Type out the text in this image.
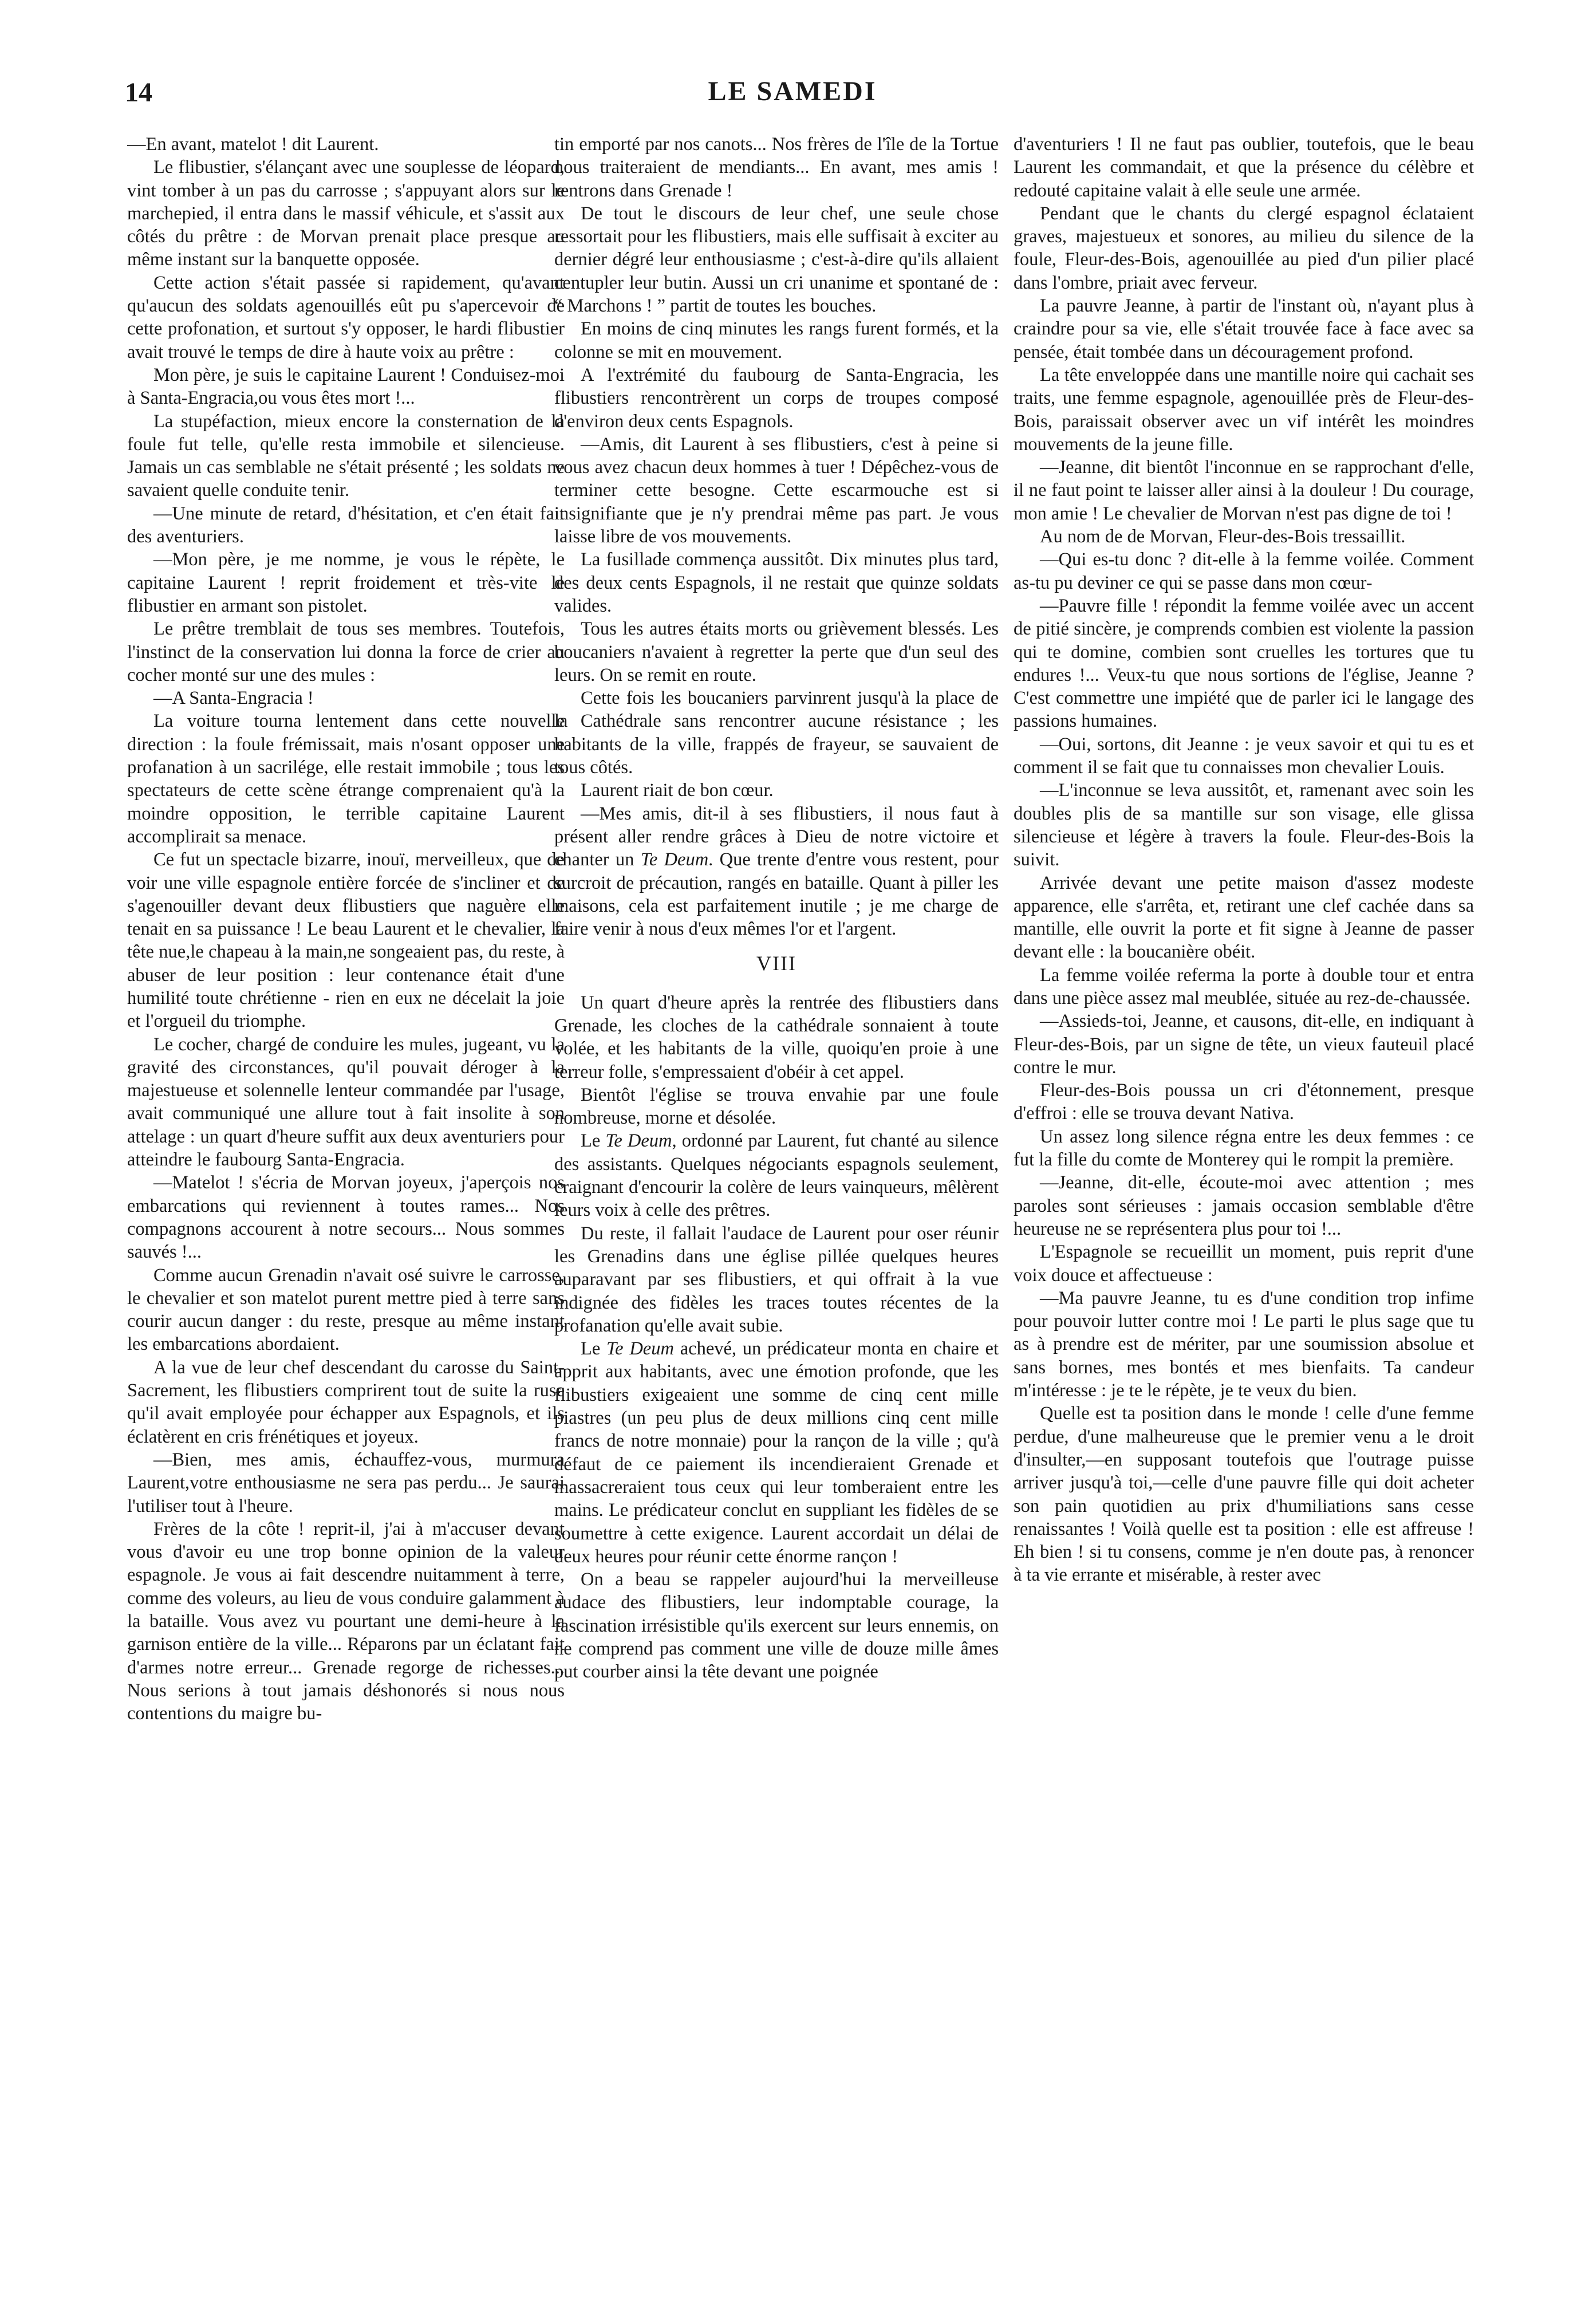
14	LE SAMEDI

—En avant, matelot ! dit Laurent.

Le flibustier, s'élançant avec une souplesse de léopard, vint tomber à un pas du carrosse ; s'appuyant alors sur le marchepied, il entra dans le massif véhicule, et s'assit aux côtés du prêtre : de Morvan prenait place presque au même instant sur la banquette opposée.

Cette action s'était passée si rapidement, qu'avant qu'aucun des soldats agenouillés eût pu s'apercevoir de cette profonation, et surtout s'y opposer, le hardi flibustier avait trouvé le temps de dire à haute voix au prêtre :

Mon père, je suis le capitaine Laurent ! Conduisez-moi à Santa-Engracia,ou vous êtes mort !...

La stupéfaction, mieux encore la consternation de la foule fut telle, qu'elle resta immobile et silencieuse. Jamais un cas semblable ne s'était présenté ; les soldats ne savaient quelle conduite tenir.

—Une minute de retard, d'hésitation, et c'en était fait des aventuriers.

—Mon père, je me nomme, je vous le répète, le capitaine Laurent ! reprit froidement et très-vite le flibustier en armant son pistolet.

Le prêtre tremblait de tous ses membres. Toutefois, l'instinct de la conservation lui donna la force de crier au cocher monté sur une des mules :

—A Santa-Engracia !

La voiture tourna lentement dans cette nouvelle direction : la foule frémissait, mais n'osant opposer une profanation à un sacrilége, elle restait immobile ; tous les spectateurs de cette scène étrange comprenaient qu'à la moindre opposition, le terrible capitaine Laurent accomplirait sa menace.

Ce fut un spectacle bizarre, inouï, merveilleux, que de voir une ville espagnole entière forcée de s'incliner et de s'agenouiller devant deux flibustiers que naguère elle tenait en sa puissance ! Le beau Laurent et le chevalier, la tête nue,le chapeau à la main,ne songeaient pas, du reste, à abuser de leur position : leur contenance était d'une humilité toute chrétienne - rien en eux ne décelait la joie et l'orgueil du triomphe.

Le cocher, chargé de conduire les mules, jugeant, vu la gravité des circonstances, qu'il pouvait déroger à la majestueuse et solennelle lenteur commandée par l'usage, avait communiqué une allure tout à fait insolite à son attelage : un quart d'heure suffit aux deux aventuriers pour atteindre le faubourg Santa-Engracia.

—Matelot ! s'écria de Morvan joyeux, j'aperçois nos embarcations qui reviennent à toutes rames... Nos compagnons accourent à notre secours... Nous sommes sauvés !...

Comme aucun Grenadin n'avait osé suivre le carrosse, le chevalier et son matelot purent mettre pied à terre sans courir aucun danger : du reste, presque au même instant les embarcations abordaient.

A la vue de leur chef descendant du carosse du Saint-Sacrement, les flibustiers comprirent tout de suite la ruse qu'il avait employée pour échapper aux Espagnols, et ils éclatèrent en cris frénétiques et joyeux.

—Bien, mes amis, échauffez-vous, murmura Laurent,votre enthousiasme ne sera pas perdu... Je saurai l'utiliser tout à l'heure.

Frères de la côte ! reprit-il, j'ai à m'accuser devant vous d'avoir eu une trop bonne opinion de la valeur espagnole. Je vous ai fait descendre nuitamment à terre, comme des voleurs, au lieu de vous conduire galamment à la bataille. Vous avez vu pourtant une demi-heure à la garnison entière de la ville... Réparons par un éclatant fait d'armes notre erreur... Grenade regorge de richesses... Nous serions à tout jamais déshonorés si nous nous contentions du maigre bu-

tin emporté par nos canots... Nos frères de l'île de la Tortue nous traiteraient de mendiants... En avant, mes amis ! rentrons dans Grenade !

De tout le discours de leur chef, une seule chose ressortait pour les flibustiers, mais elle suffisait à exciter au dernier dégré leur enthousiasme ; c'est-à-dire qu'ils allaient centupler leur butin. Aussi un cri unanime et spontané de : “ Marchons ! ” partit de toutes les bouches.

En moins de cinq minutes les rangs furent formés, et la colonne se mit en mouvement.

A l'extrémité du faubourg de Santa-Engracia, les flibustiers rencontrèrent un corps de troupes composé d'environ deux cents Espagnols.

—Amis, dit Laurent à ses flibustiers, c'est à peine si vous avez chacun deux hommes à tuer ! Dépêchez-vous de terminer cette besogne. Cette escarmouche est si insignifiante que je n'y prendrai même pas part. Je vous laisse libre de vos mouvements.

La fusillade commença aussitôt. Dix minutes plus tard, des deux cents Espagnols, il ne restait que quinze soldats valides.

Tous les autres étaits morts ou grièvement blessés. Les boucaniers n'avaient à regretter la perte que d'un seul des leurs. On se remit en route.

Cette fois les boucaniers parvinrent jusqu'à la place de la Cathédrale sans rencontrer aucune résistance ; les habitants de la ville, frappés de frayeur, se sauvaient de tous côtés.

Laurent riait de bon cœur.

—Mes amis, dit-il à ses flibustiers, il nous faut à présent aller rendre grâces à Dieu de notre victoire et chanter un Te Deum. Que trente d'entre vous restent, pour surcroit de précaution, rangés en bataille. Quant à piller les maisons, cela est parfaitement inutile ; je me charge de faire venir à nous d'eux mêmes l'or et l'argent.

VIII

Un quart d'heure après la rentrée des flibustiers dans Grenade, les cloches de la cathédrale sonnaient à toute volée, et les habitants de la ville, quoiqu'en proie à une terreur folle, s'empressaient d'obéir à cet appel.

Bientôt l'église se trouva envahie par une foule nombreuse, morne et désolée.

Le Te Deum, ordonné par Laurent, fut chanté au silence des assistants. Quelques négociants espagnols seulement, craignant d'encourir la colère de leurs vainqueurs, mêlèrent leurs voix à celle des prêtres.

Du reste, il fallait l'audace de Laurent pour oser réunir les Grenadins dans une église pillée quelques heures auparavant par ses flibustiers, et qui offrait à la vue indignée des fidèles les traces toutes récentes de la profanation qu'elle avait subie.

Le Te Deum achevé, un prédicateur monta en chaire et apprit aux habitants, avec une émotion profonde, que les flibustiers exigeaient une somme de cinq cent mille piastres (un peu plus de deux millions cinq cent mille francs de notre monnaie) pour la rançon de la ville ; qu'à défaut de ce paiement ils incendieraient Grenade et massacreraient tous ceux qui leur tomberaient entre les mains. Le prédicateur conclut en suppliant les fidèles de se soumettre à cette exigence. Laurent accordait un délai de deux heures pour réunir cette énorme rançon !

On a beau se rappeler aujourd'hui la merveilleuse audace des flibustiers, leur indomptable courage, la fascination irrésistible qu'ils exercent sur leurs ennemis, on ne comprend pas comment une ville de douze mille âmes put courber ainsi la tête devant une poignée

d'aventuriers ! Il ne faut pas oublier, toutefois, que le beau Laurent les commandait, et que la présence du célèbre et redouté capitaine valait à elle seule une armée.

Pendant que le chants du clergé espagnol éclataient graves, majestueux et sonores, au milieu du silence de la foule, Fleur-des-Bois, agenouillée au pied d'un pilier placé dans l'ombre, priait avec ferveur.

La pauvre Jeanne, à partir de l'instant où, n'ayant plus à craindre pour sa vie, elle s'était trouvée face à face avec sa pensée, était tombée dans un découragement profond.

La tête enveloppée dans une mantille noire qui cachait ses traits, une femme espagnole, agenouillée près de Fleur-des-Bois, paraissait observer avec un vif intérêt les moindres mouvements de la jeune fille.

—Jeanne, dit bientôt l'inconnue en se rapprochant d'elle, il ne faut point te laisser aller ainsi à la douleur ! Du courage, mon amie ! Le chevalier de Morvan n'est pas digne de toi !

Au nom de de Morvan, Fleur-des-Bois tressaillit.

—Qui es-tu donc ? dit-elle à la femme voilée. Comment as-tu pu deviner ce qui se passe dans mon cœur-

—Pauvre fille ! répondit la femme voilée avec un accent de pitié sincère, je comprends combien est violente la passion qui te domine, combien sont cruelles les tortures que tu endures !... Veux-tu que nous sortions de l'église, Jeanne ? C'est commettre une impiété que de parler ici le langage des passions humaines.

—Oui, sortons, dit Jeanne : je veux savoir et qui tu es et comment il se fait que tu connaisses mon chevalier Louis.

—L'inconnue se leva aussitôt, et, ramenant avec soin les doubles plis de sa mantille sur son visage, elle glissa silencieuse et légère à travers la foule. Fleur-des-Bois la suivit.

Arrivée devant une petite maison d'assez modeste apparence, elle s'arrêta, et, retirant une clef cachée dans sa mantille, elle ouvrit la porte et fit signe à Jeanne de passer devant elle : la boucanière obéit.

La femme voilée referma la porte à double tour et entra dans une pièce assez mal meublée, située au rez-de-chaussée.

—Assieds-toi, Jeanne, et causons, dit-elle, en indiquant à Fleur-des-Bois, par un signe de tête, un vieux fauteuil placé contre le mur.

Fleur-des-Bois poussa un cri d'étonnement, presque d'effroi : elle se trouva devant Nativa.

Un assez long silence régna entre les deux femmes : ce fut la fille du comte de Monterey qui le rompit la première.

—Jeanne, dit-elle, écoute-moi avec attention ; mes paroles sont sérieuses : jamais occasion semblable d'être heureuse ne se représentera plus pour toi !...

L'Espagnole se recueillit un moment, puis reprit d'une voix douce et affectueuse :

—Ma pauvre Jeanne, tu es d'une condition trop infime pour pouvoir lutter contre moi ! Le parti le plus sage que tu as à prendre est de mériter, par une soumission absolue et sans bornes, mes bontés et mes bienfaits. Ta candeur m'intéresse : je te le répète, je te veux du bien.

Quelle est ta position dans le monde ! celle d'une femme perdue, d'une malheureuse que le premier venu a le droit d'insulter,—en supposant toutefois que l'outrage puisse arriver jusqu'à toi,—celle d'une pauvre fille qui doit acheter son pain quotidien au prix d'humiliations sans cesse renaissantes ! Voilà quelle est ta position : elle est affreuse ! Eh bien ! si tu consens, comme je n'en doute pas, à renoncer à ta vie errante et misérable, à rester avec
